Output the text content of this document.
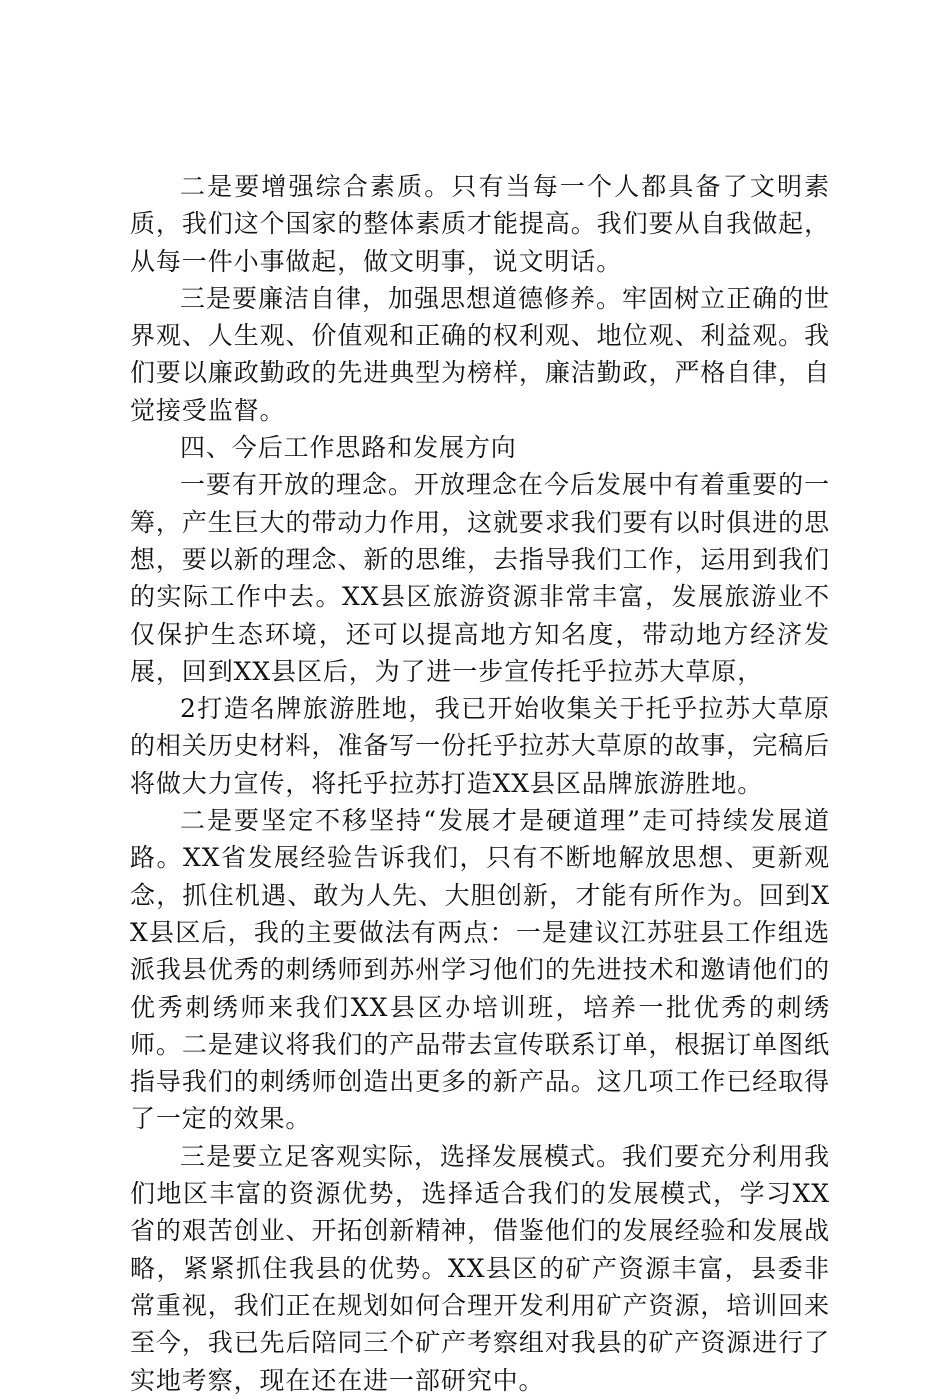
二是要增强综合素质。只有当每一个人都具备了文明素质，我们这个国家的整体素质才能提高。我们要从自我做起，从每一件小事做起，做文明事，说文明话。

三是要廉洁自律，加强思想道德修养。牢固树立正确的世界观、人生观、价值观和正确的权利观、地位观、利益观。我们要以廉政勤政的先进典型为榜样，廉洁勤政，严格自律，自觉接受监督。

四、今后工作思路和发展方向

一要有开放的理念。开放理念在今后发展中有着重要的一筹，产生巨大的带动力作用，这就要求我们要有以时俱进的思想，要以新的理念、新的思维，去指导我们工作，运用到我们的实际工作中去。XX县区旅游资源非常丰富，发展旅游业不仅保护生态环境，还可以提高地方知名度，带动地方经济发展，回到XX县区后，为了进一步宣传托乎拉苏大草原，

2打造名牌旅游胜地，我已开始收集关于托乎拉苏大草原的相关历史材料，准备写一份托乎拉苏大草原的故事，完稿后将做大力宣传，将托乎拉苏打造XX县区品牌旅游胜地。

二是要坚定不移坚持“发展才是硬道理”走可持续发展道路。XX省发展经验告诉我们，只有不断地解放思想、更新观念，抓住机遇、敢为人先、大胆创新，才能有所作为。回到XX县区后，我的主要做法有两点：一是建议江苏驻县工作组选派我县优秀的刺绣师到苏州学习他们的先进技术和邀请他们的优秀刺绣师来我们XX县区办培训班，培养一批优秀的刺绣师。二是建议将我们的产品带去宣传联系订单，根据订单图纸指导我们的刺绣师创造出更多的新产品。这几项工作已经取得了一定的效果。

三是要立足客观实际，选择发展模式。我们要充分利用我们地区丰富的资源优势，选择适合我们的发展模式，学习XX省的艰苦创业、开拓创新精神，借鉴他们的发展经验和发展战略，紧紧抓住我县的优势。XX县区的矿产资源丰富，县委非常重视，我们正在规划如何合理开发利用矿产资源，培训回来至今，我已先后陪同三个矿产考察组对我县的矿产资源进行了实地考察，现在还在进一部研究中。
